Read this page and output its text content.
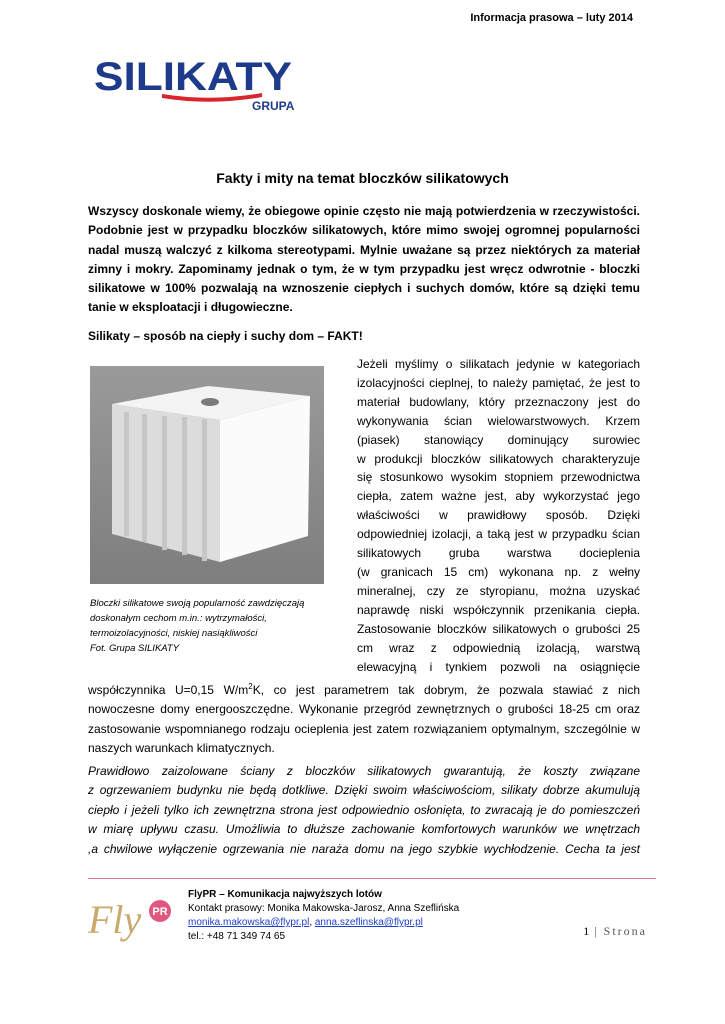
Informacja prasowa – luty 2014
SILIKATY
GRUPA
Fakty i mity na temat bloczków silikatowych

Wszyscy doskonale wiemy, że obiegowe opinie często nie mają potwierdzenia w rzeczywistości. Podobnie jest w przypadku bloczków silikatowych, które mimo swojej ogromnej popularności nadal muszą walczyć z kilkoma stereotypami. Mylnie uważane są przez niektórych za materiał zimny i mokry. Zapominamy jednak o tym, że w tym przypadku jest wręcz odwrotnie - bloczki silikatowe w 100% pozwalają na wznoszenie ciepłych i suchych domów, które są dzięki temu tanie w eksploatacji i długowieczne.

Silikaty – sposób na ciepły i suchy dom – FAKT!

Bloczki silikatowe swoją popularność zawdzięczają
doskonałym cechom m.in.: wytrzymałości,
termoizolacyjności, niskiej nasiąkliwości
Fot. Grupa SILIKATY

Jeżeli myślimy o silikatach jedynie w kategoriach
izolacyjności cieplnej, to należy pamiętać, że jest to
materiał budowlany, który przeznaczony jest do
wykonywania ścian wielowarstwowych. Krzem
(piasek) stanowiący dominujący surowiec
w produkcji bloczków silikatowych charakteryzuje
się stosunkowo wysokim stopniem przewodnictwa
ciepła, zatem ważne jest, aby wykorzystać jego
właściwości w prawidłowy sposób. Dzięki
odpowiedniej izolacji, a taką jest w przypadku ścian
silikatowych gruba warstwa docieplenia
(w granicach 15 cm) wykonana np. z wełny
mineralnej, czy ze styropianu, można uzyskać
naprawdę niski współczynnik przenikania ciepła.
Zastosowanie bloczków silikatowych o grubości 25
cm wraz z odpowiednią izolacją, warstwą
elewacyjną i tynkiem pozwoli na osiągnięcie

współczynnika U=0,15 $W/m^2K$, co jest parametrem tak dobrym, że pozwala stawiać z nich
nowoczesne domy energooszczędne. Wykonanie przegród zewnętrznych o grubości 18-25 cm oraz
zastosowanie wspomnianego rodzaju ocieplenia jest zatem rozwiązaniem optymalnym, szczególnie w
naszych warunkach klimatycznych.

Prawidłowo zaizolowane ściany z bloczków silikatowych gwarantują, że koszty związane
z ogrzewaniem budynku nie będą dotkliwe. Dzięki swoim właściwościom, silikaty dobrze akumulują
ciepło i jeżeli tylko ich zewnętrzna strona jest odpowiednio osłonięta, to zwracają je do pomieszczeń
w miarę upływu czasu. Umożliwia to dłuższe zachowanie komfortowych warunków we wnętrzach
,a chwilowe wyłączenie ogrzewania nie naraża domu na jego szybkie wychłodzenie. Cecha ta jest

Fly PR
FlyPR – Komunikacja najwyższych lotów
Kontakt prasowy: Monika Makowska-Jarosz, Anna Szeflińska
monika.makowska@flypr.pl, anna.szeflinska@flypr.pl
tel.: +48 71 349 74 65	1 | Strona
